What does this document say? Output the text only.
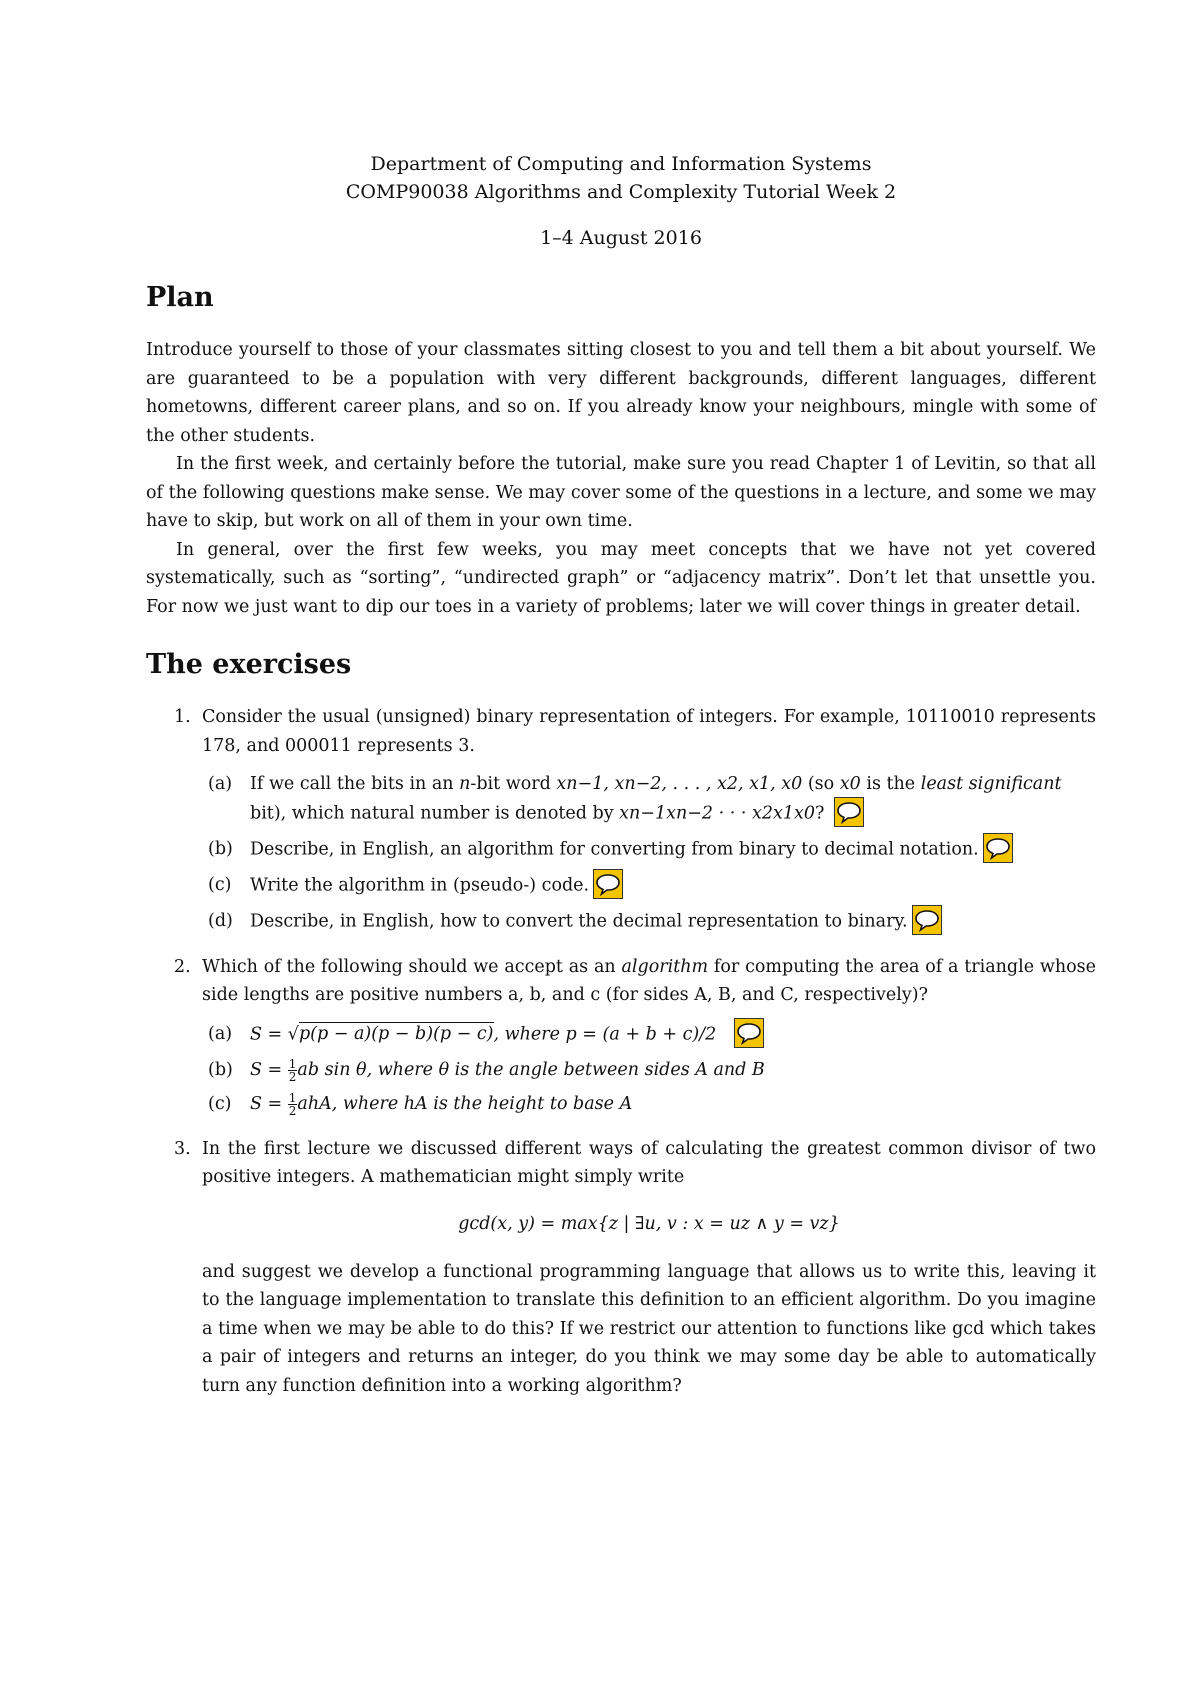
Department of Computing and Information Systems
COMP90038 Algorithms and Complexity Tutorial Week 2
1–4 August 2016
Plan

Introduce yourself to those of your classmates sitting closest to you and tell them a bit about yourself. We are guaranteed to be a population with very different backgrounds, different languages, different hometowns, different career plans, and so on. If you already know your neighbours, mingle with some of the other students.

In the first week, and certainly before the tutorial, make sure you read Chapter 1 of Levitin, so that all of the following questions make sense. We may cover some of the questions in a lecture, and some we may have to skip, but work on all of them in your own time.

In general, over the first few weeks, you may meet concepts that we have not yet covered systematically, such as “sorting”, “undirected graph” or “adjacency matrix”. Don’t let that unsettle you. For now we just want to dip our toes in a variety of problems; later we will cover things in greater detail.

The exercises
1. Consider the usual (unsigned) binary representation of integers. For example, 10110010 represents 178, and 000011 represents 3.

(a) If we call the bits in an n-bit word xn−1, xn−2, . . . , x2, x1, x0 (so x0 is the least significant bit), which natural number is denoted by xn−1xn−2 · · · x2x1x0?
(b) Describe, in English, an algorithm for converting from binary to decimal notation.
(c) Write the algorithm in (pseudo-) code.
(d) Describe, in English, how to convert the decimal representation to binary.
2. Which of the following should we accept as an algorithm for computing the area of a triangle whose side lengths are positive numbers a, b, and c (for sides A, B, and C, respectively)?

(a) S = √p(p − a)(p − b)(p − c), where p = (a + b + c)/2
(b) $S = \frac{1}{2}$ ab sin θ, where θ is the angle between sides A and B
(c) $S = \frac{1}{2}$ ahA, where hA is the height to base A
3. In the first lecture we discussed different ways of calculating the greatest common divisor of two positive integers. A mathematician might simply write

gcd(x, y) = max{z | ∃u, v : x = uz ∧ y = vz}

and suggest we develop a functional programming language that allows us to write this, leaving it to the language implementation to translate this definition to an efficient algorithm. Do you imagine a time when we may be able to do this? If we restrict our attention to functions like gcd which takes a pair of integers and returns an integer, do you think we may some day be able to automatically turn any function definition into a working algorithm?
